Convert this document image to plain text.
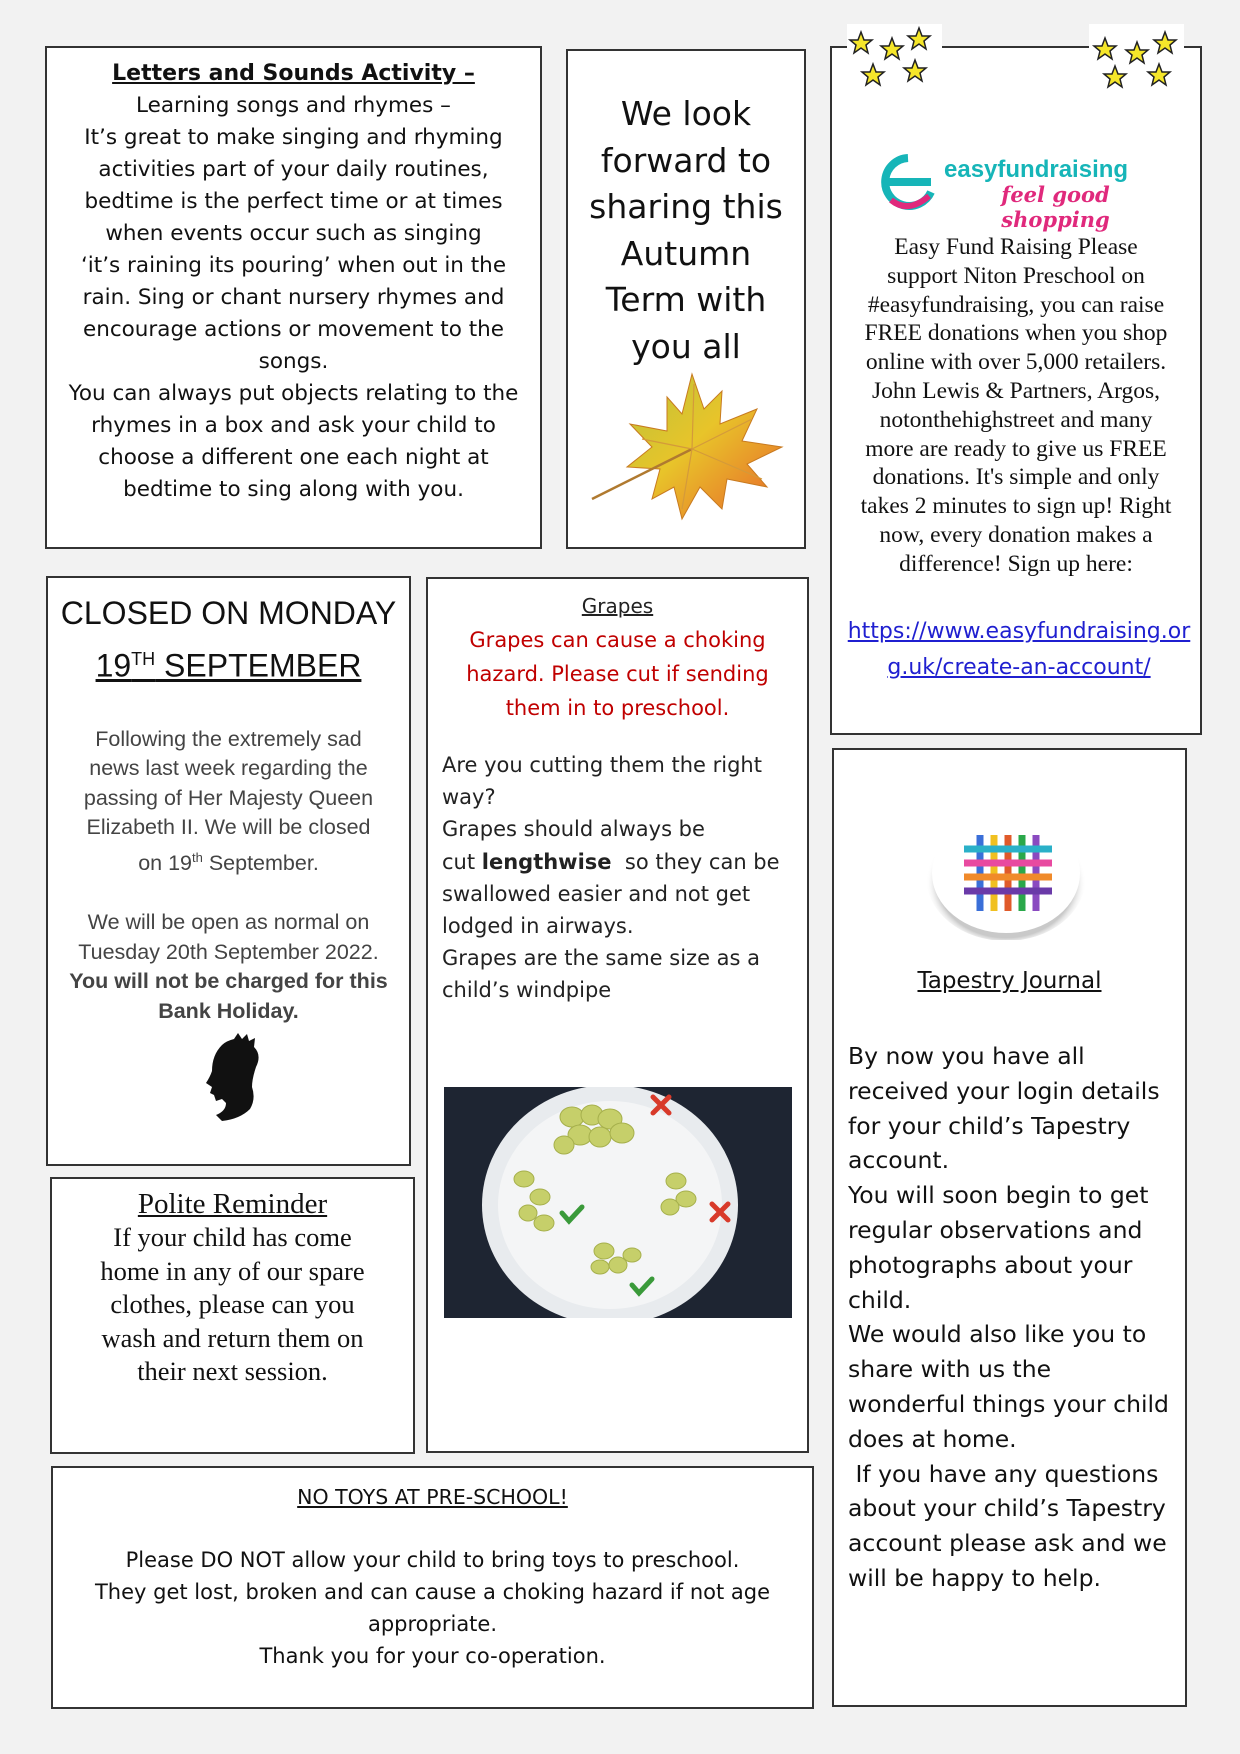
Letters and Sounds Activity –

Learning songs and rhymes –

It’s great to make singing and rhyming

activities part of your daily routines,

bedtime is the perfect time or at times

when events occur such as singing

‘it’s raining its pouring’ when out in the

rain. Sing or chant nursery rhymes and

encourage actions or movement to the

songs.

You can always put objects relating to the

rhymes in a box and ask your child to

choose a different one each night at

bedtime to sing along with you.

We look

forward to

sharing this

Autumn

Term with

you all

easyfundraising
feel good shopping

Easy Fund Raising Please

support Niton Preschool on

#easyfundraising, you can raise

FREE donations when you shop

online with over 5,000 retailers.

John Lewis & Partners, Argos,

notonthehighstreet and many

more are ready to give us FREE

donations. It's simple and only

takes 2 minutes to sign up! Right

now, every donation makes a

difference! Sign up here:

https://www.easyfundraising.or

g.uk/create-an-account/

CLOSED ON MONDAY

19TH SEPTEMBER

Following the extremely sad

news last week regarding the

passing of Her Majesty Queen

Elizabeth II. We will be closed

on 19th September.

We will be open as normal on

Tuesday 20th September 2022.

You will not be charged for this

Bank Holiday.

Grapes

Grapes can cause a choking

hazard. Please cut if sending

them in to preschool.

Are you cutting them the right

way?

Grapes should always be

cut lengthwise  so they can be

swallowed easier and not get

lodged in airways.

Grapes are the same size as a

child’s windpipe

Polite Reminder

If your child has come

home in any of our spare

clothes, please can you

wash and return them on

their next session.

Tapestry Journal

By now you have all

received your login details

for your child’s Tapestry

account.

You will soon begin to get

regular observations and

photographs about your

child.

We would also like you to

share with us the

wonderful things your child

does at home.

If you have any questions

about your child’s Tapestry

account please ask and we

will be happy to help.

NO TOYS AT PRE-SCHOOL!

Please DO NOT allow your child to bring toys to preschool.

They get lost, broken and can cause a choking hazard if not age

appropriate.

Thank you for your co-operation.
